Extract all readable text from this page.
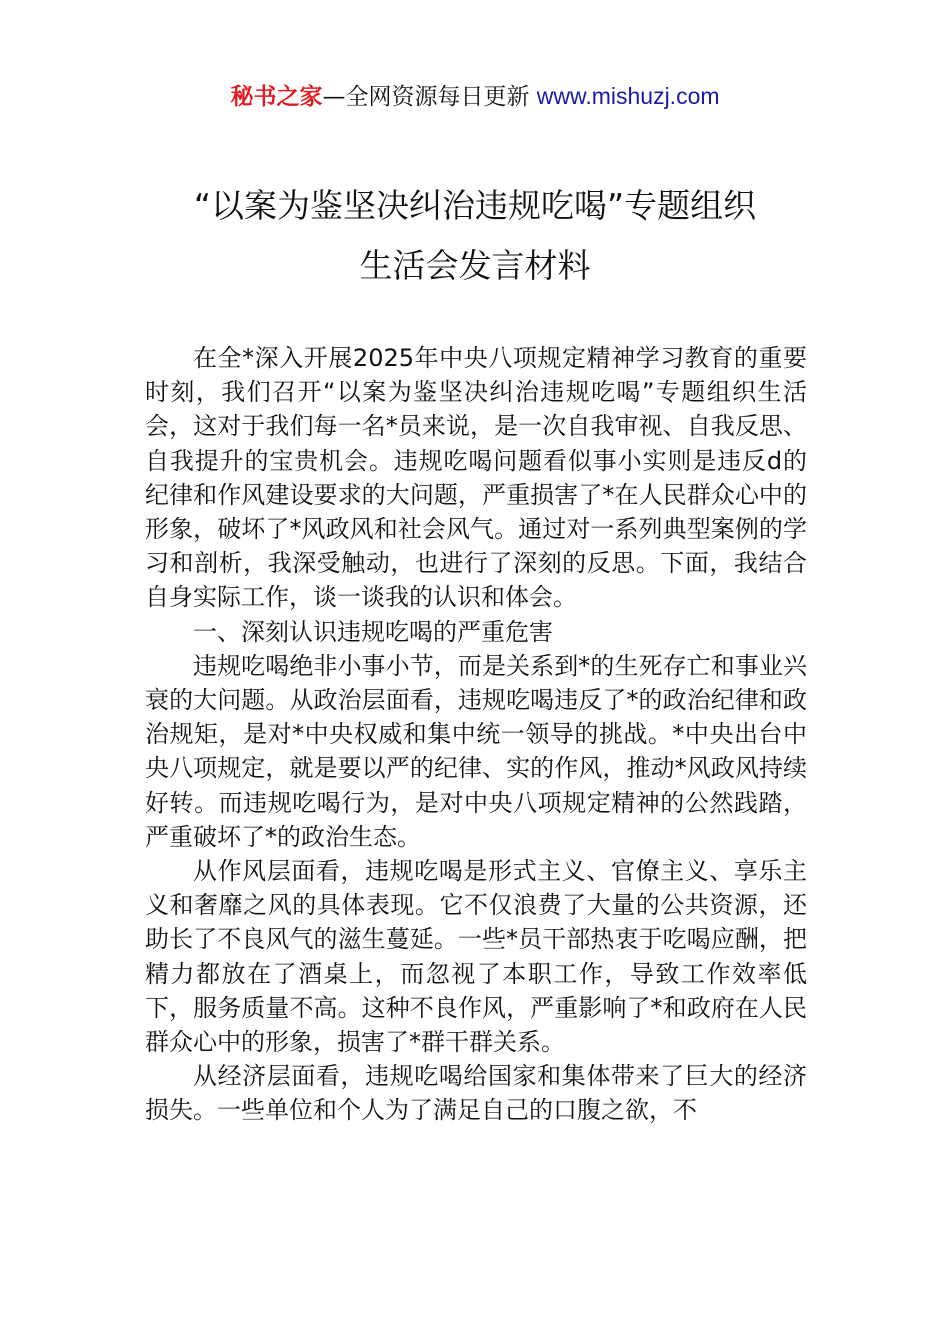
秘书之家—全网资源每日更新 www.mishuzj.com
“以案为鉴坚决纠治违规吃喝”专题组织
生活会发言材料

在全*深入开展2025年中央八项规定精神学习教育的重要时刻，我们召开“以案为鉴坚决纠治违规吃喝”专题组织生活会，这对于我们每一名*员来说，是一次自我审视、自我反思、自我提升的宝贵机会。违规吃喝问题看似事小实则是违反d的纪律和作风建设要求的大问题，严重损害了*在人民群众心中的形象，破坏了*风政风和社会风气。通过对一系列典型案例的学习和剖析，我深受触动，也进行了深刻的反思。下面，我结合自身实际工作，谈一谈我的认识和体会。

一、深刻认识违规吃喝的严重危害

违规吃喝绝非小事小节，而是关系到*的生死存亡和事业兴衰的大问题。从政治层面看，违规吃喝违反了*的政治纪律和政治规矩，是对*中央权威和集中统一领导的挑战。*中央出台中央八项规定，就是要以严的纪律、实的作风，推动*风政风持续好转。而违规吃喝行为，是对中央八项规定精神的公然践踏，严重破坏了*的政治生态。

从作风层面看，违规吃喝是形式主义、官僚主义、享乐主义和奢靡之风的具体表现。它不仅浪费了大量的公共资源，还助长了不良风气的滋生蔓延。一些*员干部热衷于吃喝应酬，把精力都放在了酒桌上，而忽视了本职工作，导致工作效率低下，服务质量不高。这种不良作风，严重影响了*和政府在人民群众心中的形象，损害了*群干群关系。

从经济层面看，违规吃喝给国家和集体带来了巨大的经济损失。一些单位和个人为了满足自己的口腹之欲，不
